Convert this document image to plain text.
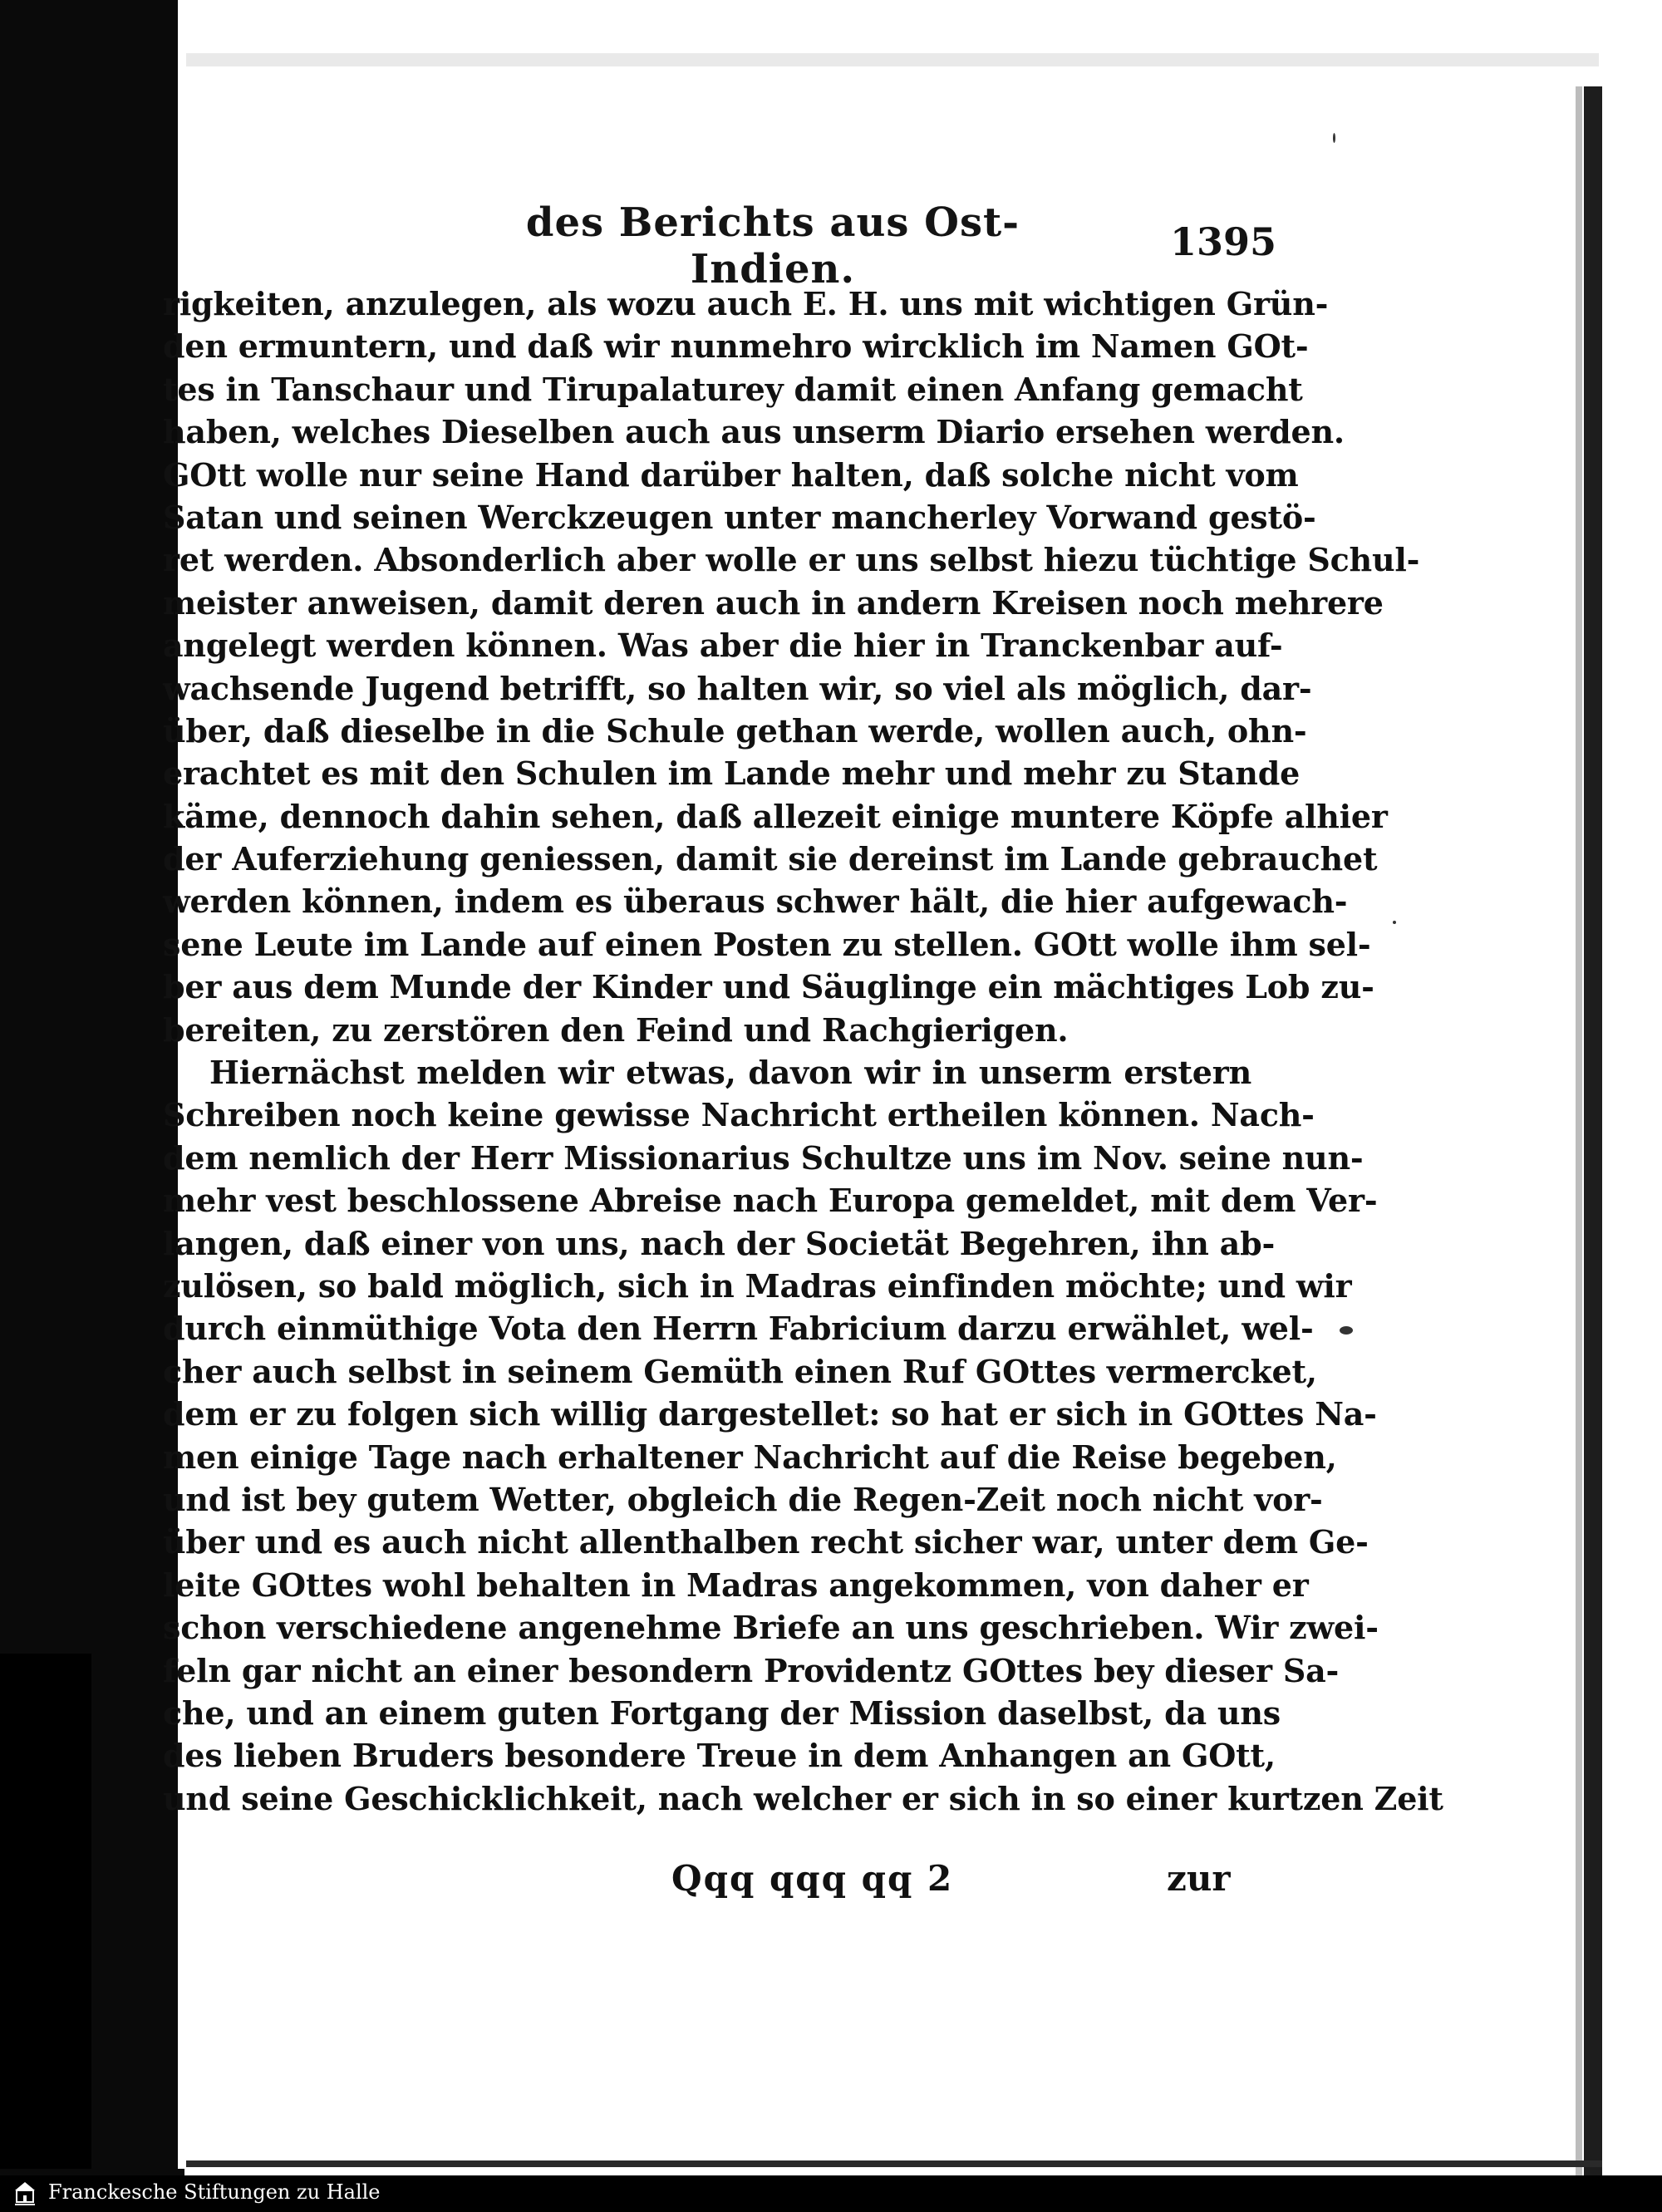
des Berichts aus Ost-Indien.
1395
rigkeiten, anzulegen, als wozu auch E. H. uns mit wichtigen Grün-
den ermuntern, und daß wir nunmehro wircklich im Namen GOt-
tes in Tanschaur und Tirupalaturey damit einen Anfang gemacht
haben, welches Dieselben auch aus unserm Diario ersehen werden.
GOtt wolle nur seine Hand darüber halten, daß solche nicht vom
Satan und seinen Werckzeugen unter mancherley Vorwand gestö-
ret werden. Absonderlich aber wolle er uns selbst hiezu tüchtige Schul-
meister anweisen, damit deren auch in andern Kreisen noch mehrere
angelegt werden können. Was aber die hier in Tranckenbar auf-
wachsende Jugend betrifft, so halten wir, so viel als möglich, dar-
über, daß dieselbe in die Schule gethan werde, wollen auch, ohn-
erachtet es mit den Schulen im Lande mehr und mehr zu Stande
käme, dennoch dahin sehen, daß allezeit einige muntere Köpfe alhier
der Auferziehung geniessen, damit sie dereinst im Lande gebrauchet
werden können, indem es überaus schwer hält, die hier aufgewach-
sene Leute im Lande auf einen Posten zu stellen. GOtt wolle ihm sel-
ber aus dem Munde der Kinder und Säuglinge ein mächtiges Lob zu-
bereiten, zu zerstören den Feind und Rachgierigen.
Hiernächst melden wir etwas, davon wir in unserm erstern
Schreiben noch keine gewisse Nachricht ertheilen können. Nach-
dem nemlich der Herr Missionarius Schultze uns im Nov. seine nun-
mehr vest beschlossene Abreise nach Europa gemeldet, mit dem Ver-
langen, daß einer von uns, nach der Societät Begehren, ihn ab-
zulösen, so bald möglich, sich in Madras einfinden möchte; und wir
durch einmüthige Vota den Herrn Fabricium darzu erwählet, wel-
cher auch selbst in seinem Gemüth einen Ruf GOttes vermercket,
dem er zu folgen sich willig dargestellet: so hat er sich in GOttes Na-
men einige Tage nach erhaltener Nachricht auf die Reise begeben,
und ist bey gutem Wetter, obgleich die Regen-Zeit noch nicht vor-
über und es auch nicht allenthalben recht sicher war, unter dem Ge-
leite GOttes wohl behalten in Madras angekommen, von daher er
schon verschiedene angenehme Briefe an uns geschrieben. Wir zwei-
feln gar nicht an einer besondern Providentz GOttes bey dieser Sa-
che, und an einem guten Fortgang der Mission daselbst, da uns
des lieben Bruders besondere Treue in dem Anhangen an GOtt,
und seine Geschicklichkeit, nach welcher er sich in so einer kurtzen Zeit
Qqq qqq qq 2	zur
Franckesche Stiftungen zu Halle
